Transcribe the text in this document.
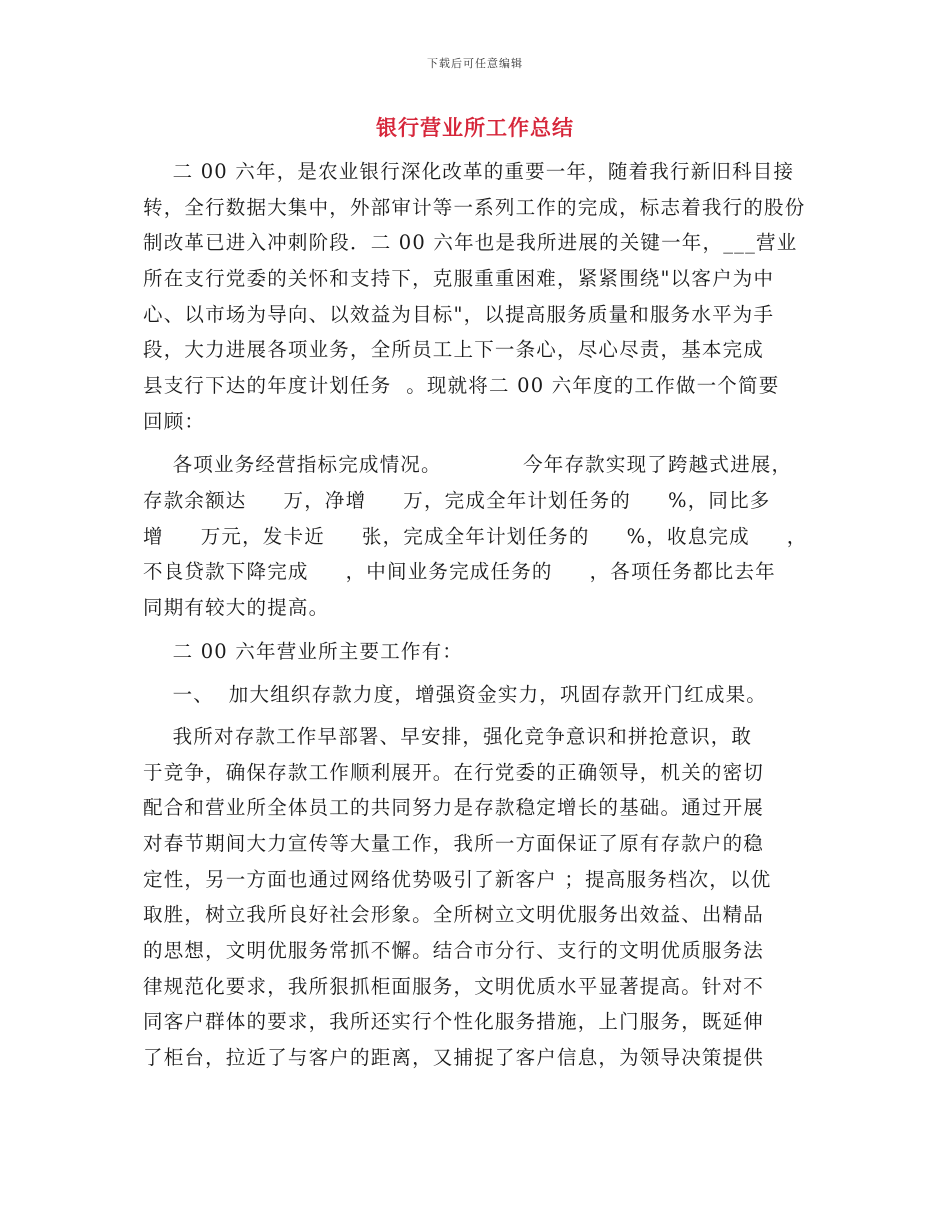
下载后可任意编辑
银行营业所工作总结
二 00 六年，是农业银行深化改革的重要一年，随着我行新旧科目接
转，全行数据大集中，外部审计等一系列工作的完成，标志着我行的股份
制改革已进入冲刺阶段．二 00 六年也是我所进展的关键一年，___营业
所在支行党委的关怀和支持下，克服重重困难，紧紧围绕"以客户为中
心、以市场为导向、以效益为目标"，以提高服务质量和服务水平为手
段，大力进展各项业务，全所员工上下一条心，尽心尽责，基本完成
县支行下达的年度计划任务  。现就将二 00 六年度的工作做一个简要
回顾：
各项业务经营指标完成情况。           今年存款实现了跨越式进展，
存款余额达     万，净增     万，完成全年计划任务的     %，同比多
增     万元，发卡近     张，完成全年计划任务的     %，收息完成     ，
不良贷款下降完成     ，中间业务完成任务的     ，各项任务都比去年
同期有较大的提高。
二 00 六年营业所主要工作有：
一、  加大组织存款力度，增强资金实力，巩固存款开门红成果。
我所对存款工作早部署、早安排，强化竞争意识和拼抢意识，敢
于竞争，确保存款工作顺利展开。在行党委的正确领导，机关的密切
配合和营业所全体员工的共同努力是存款稳定增长的基础。通过开展
对春节期间大力宣传等大量工作，我所一方面保证了原有存款户的稳
定性，另一方面也通过网络优势吸引了新客户 ；提高服务档次，以优
取胜，树立我所良好社会形象。全所树立文明优服务出效益、出精品
的思想，文明优服务常抓不懈。结合市分行、支行的文明优质服务法
律规范化要求，我所狠抓柜面服务，文明优质水平显著提高。针对不
同客户群体的要求，我所还实行个性化服务措施，上门服务，既延伸
了柜台，拉近了与客户的距离，又捕捉了客户信息，为领导决策提供
